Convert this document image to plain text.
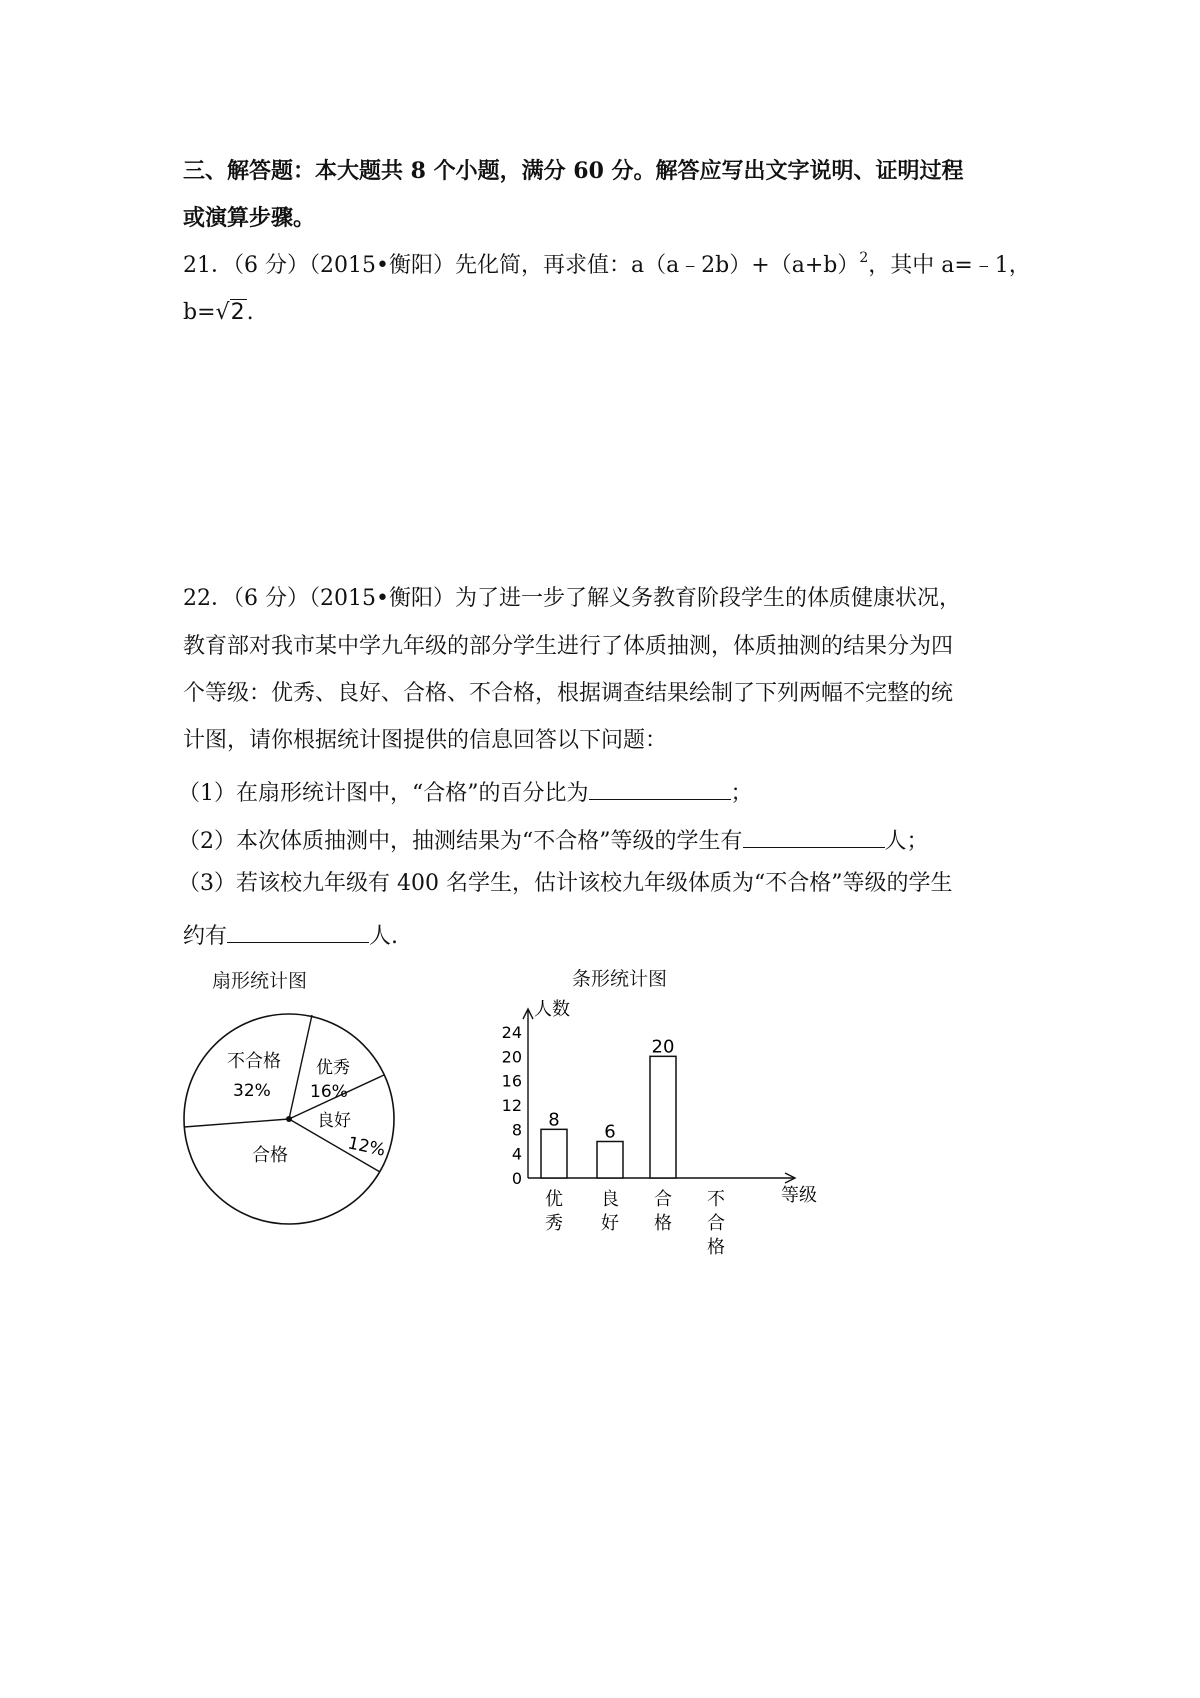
三、解答题：本大题共 8 个小题，满分 60 分。解答应写出文字说明、证明过程
或演算步骤。
21．（6 分）（2015•衡阳）先化简，再求值：$a(a﹣2b)+(a+b)^2$，其中 a=﹣1，
b=√2.
22．（6 分）（2015•衡阳）为了进一步了解义务教育阶段学生的体质健康状况，
教育部对我市某中学九年级的部分学生进行了体质抽测，体质抽测的结果分为四
个等级：优秀、良好、合格、不合格，根据调查结果绘制了下列两幅不完整的统
计图，请你根据统计图提供的信息回答以下问题：
（1）在扇形统计图中，“合格”的百分比为	；
（2）本次体质抽测中，抽测结果为“不合格”等级的学生有	人；
（3）若该校九年级有 400 名学生，估计该校九年级体质为“不合格”等级的学生
约有	人.
扇形统计图
不合格
32%
优秀
16%
良好
12%
合格
条形统计图
0
4
8
12
16
20
24
人数
等级
8
6
20
优
秀
良
好
合
格
不
合
格
